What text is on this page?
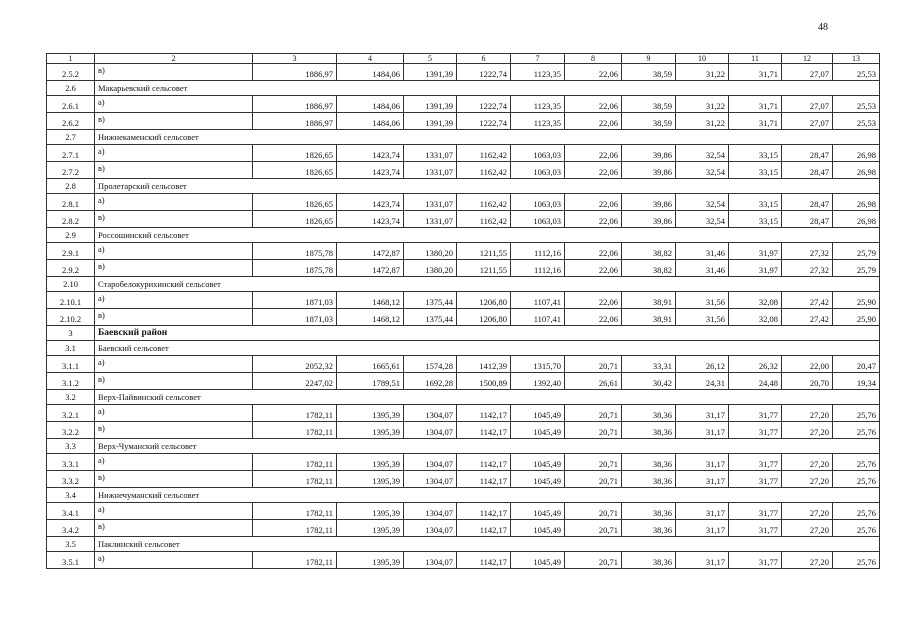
48
1	2	3	4	5	6	7	8	9	10	11	12	13
2.5.2	в)	1886,97	1484,06	1391,39	1222,74	1123,35	22,06	38,59	31,22	31,71	27,07	25,53
2.6	Макарьевский сельсовет											
2.6.1	а)	1886,97	1484,06	1391,39	1222,74	1123,35	22,06	38,59	31,22	31,71	27,07	25,53
2.6.2	в)	1886,97	1484,06	1391,39	1222,74	1123,35	22,06	38,59	31,22	31,71	27,07	25,53
2.7	Нижнекаменский сельсовет											
2.7.1	а)	1826,65	1423,74	1331,07	1162,42	1063,03	22,06	39,86	32,54	33,15	28,47	26,98
2.7.2	в)	1826,65	1423,74	1331,07	1162,42	1063,03	22,06	39,86	32,54	33,15	28,47	26,98
2.8	Пролетарский сельсовет											
2.8.1	а)	1826,65	1423,74	1331,07	1162,42	1063,03	22,06	39,86	32,54	33,15	28,47	26,98
2.8.2	в)	1826,65	1423,74	1331,07	1162,42	1063,03	22,06	39,86	32,54	33,15	28,47	26,98
2.9	Россошинский сельсовет											
2.9.1	а)	1875,78	1472,87	1380,20	1211,55	1112,16	22,06	38,82	31,46	31,97	27,32	25,79
2.9.2	в)	1875,78	1472,87	1380,20	1211,55	1112,16	22,06	38,82	31,46	31,97	27,32	25,79
2.10	Старобелокурихинский сельсовет											
2.10.1	а)	1871,03	1468,12	1375,44	1206,80	1107,41	22,06	38,91	31,56	32,08	27,42	25,90
2.10.2	в)	1871,03	1468,12	1375,44	1206,80	1107,41	22,06	38,91	31,56	32,08	27,42	25,90
3	Баевский район											
3.1	Баевский сельсовет											
3.1.1	а)	2052,32	1665,61	1574,28	1412,39	1315,70	20,71	33,31	26,12	26,32	22,00	20,47
3.1.2	в)	2247,02	1789,51	1692,28	1500,89	1392,40	26,61	30,42	24,31	24,48	20,70	19,34
3.2	Верх-Пайвинский сельсовет											
3.2.1	а)	1782,11	1395,39	1304,07	1142,17	1045,49	20,71	38,36	31,17	31,77	27,20	25,76
3.2.2	в)	1782,11	1395,39	1304,07	1142,17	1045,49	20,71	38,36	31,17	31,77	27,20	25,76
3.3	Верх-Чуманский сельсовет											
3.3.1	а)	1782,11	1395,39	1304,07	1142,17	1045,49	20,71	38,36	31,17	31,77	27,20	25,76
3.3.2	в)	1782,11	1395,39	1304,07	1142,17	1045,49	20,71	38,36	31,17	31,77	27,20	25,76
3.4	Нижнечуманский сельсовет											
3.4.1	а)	1782,11	1395,39	1304,07	1142,17	1045,49	20,71	38,36	31,17	31,77	27,20	25,76
3.4.2	в)	1782,11	1395,39	1304,07	1142,17	1045,49	20,71	38,36	31,17	31,77	27,20	25,76
3.5	Паклинский сельсовет											
3.5.1	а)	1782,11	1395,39	1304,07	1142,17	1045,49	20,71	38,36	31,17	31,77	27,20	25,76
